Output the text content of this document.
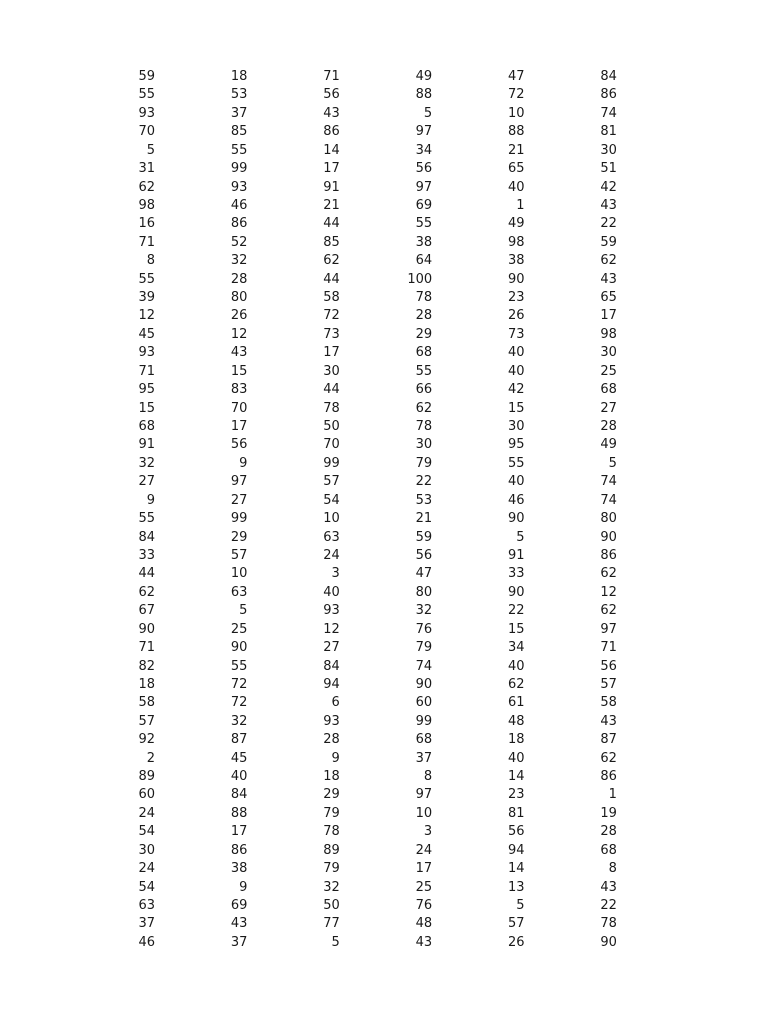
59	18	71	49	47	84
55	53	56	88	72	86
93	37	43	5	10	74
70	85	86	97	88	81
5	55	14	34	21	30
31	99	17	56	65	51
62	93	91	97	40	42
98	46	21	69	1	43
16	86	44	55	49	22
71	52	85	38	98	59
8	32	62	64	38	62
55	28	44	100	90	43
39	80	58	78	23	65
12	26	72	28	26	17
45	12	73	29	73	98
93	43	17	68	40	30
71	15	30	55	40	25
95	83	44	66	42	68
15	70	78	62	15	27
68	17	50	78	30	28
91	56	70	30	95	49
32	9	99	79	55	5
27	97	57	22	40	74
9	27	54	53	46	74
55	99	10	21	90	80
84	29	63	59	5	90
33	57	24	56	91	86
44	10	3	47	33	62
62	63	40	80	90	12
67	5	93	32	22	62
90	25	12	76	15	97
71	90	27	79	34	71
82	55	84	74	40	56
18	72	94	90	62	57
58	72	6	60	61	58
57	32	93	99	48	43
92	87	28	68	18	87
2	45	9	37	40	62
89	40	18	8	14	86
60	84	29	97	23	1
24	88	79	10	81	19
54	17	78	3	56	28
30	86	89	24	94	68
24	38	79	17	14	8
54	9	32	25	13	43
63	69	50	76	5	22
37	43	77	48	57	78
46	37	5	43	26	90
